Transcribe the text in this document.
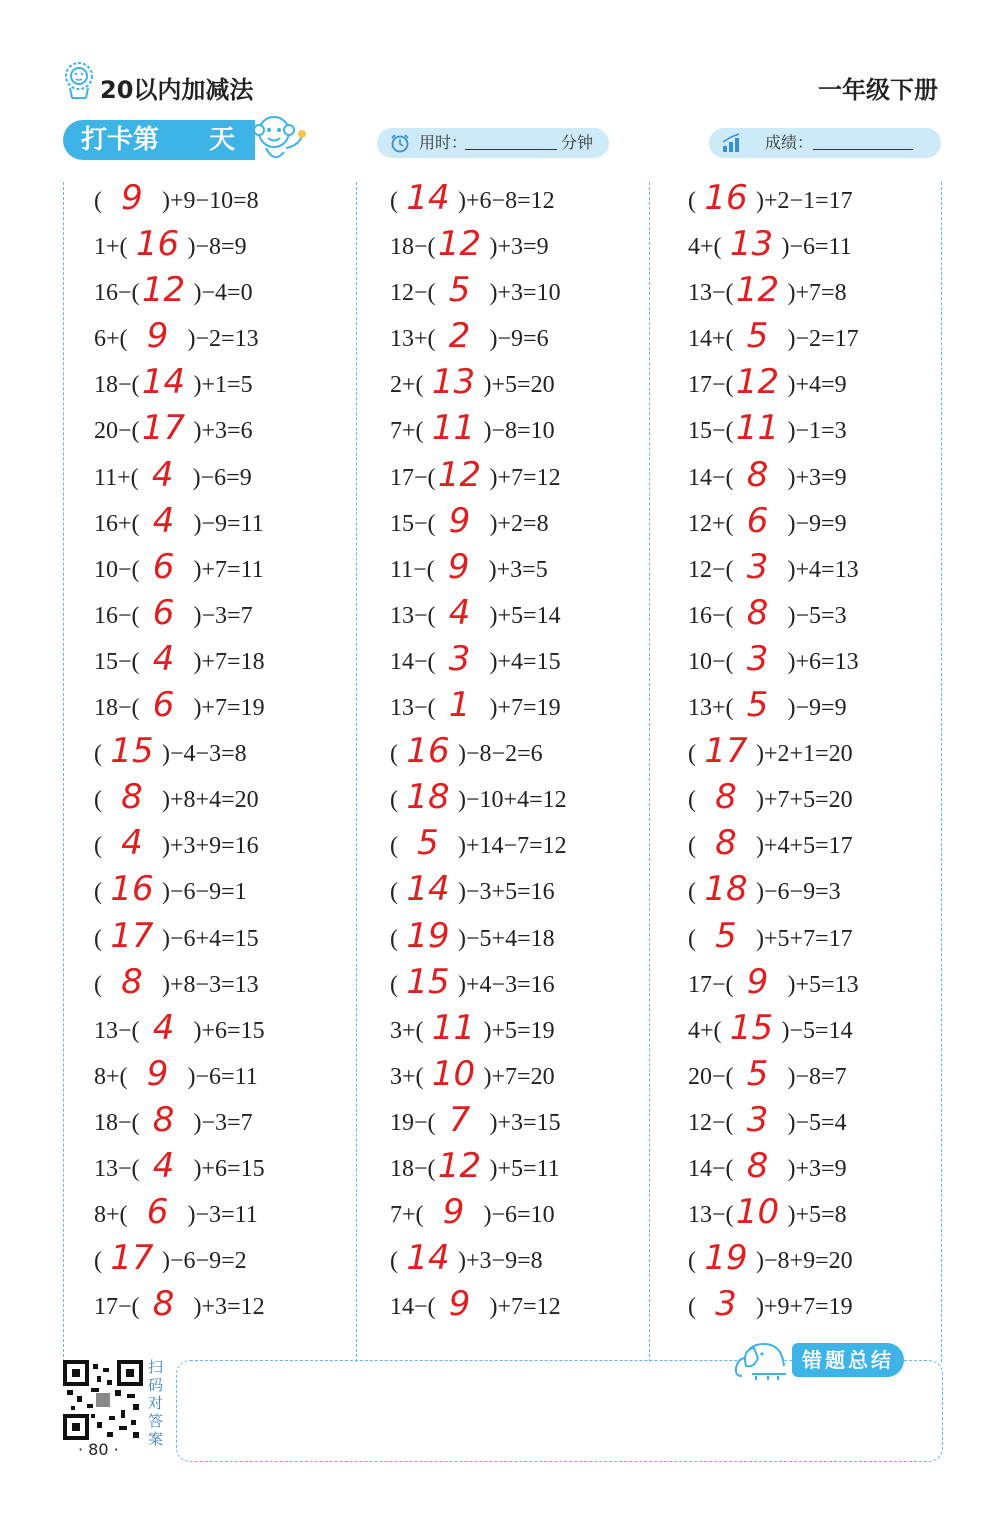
20以内加减法	一年级下册
打卡第 天	用时：	分钟	成绩：
( 9 )+9−10=8
1+( 16 )−8=9
16−(12 )−4=0
6+( 9 )−2=13
18−(14 )+1=5
20−(17 )+3=6
11+( 4 )−6=9
16+( 4 )−9=11
10−( 6 )+7=11
16−( 6 )−3=7
15−( 4 )+7=18
18−( 6 )+7=19
( 15 )−4−3=8
( 8 )+8+4=20
( 4 )+3+9=16
( 16 )−6−9=1
( 17 )−6+4=15
( 8 )+8−3=13
13−( 4 )+6=15
8+( 9 )−6=11
18−( 8 )−3=7
13−( 4 )+6=15
8+( 6 )−3=11
( 17 )−6−9=2
17−( 8 )+3=12
( 14 )+6−8=12
18−(12 )+3=9
12−( 5 )+3=10
13+( 2 )−9=6
2+( 13 )+5=20
7+( 11 )−8=10
17−(12 )+7=12
15−( 9 )+2=8
11−( 9 )+3=5
13−( 4 )+5=14
14−( 3 )+4=15
13−( 1 )+7=19
( 16 )−8−2=6
( 18 )−10+4=12
( 5 )+14−7=12
( 14 )−3+5=16
( 19 )−5+4=18
( 15 )+4−3=16
3+( 11 )+5=19
3+( 10 )+7=20
19−( 7 )+3=15
18−(12 )+5=11
7+( 9 )−6=10
( 14 )+3−9=8
14−( 9 )+7=12
( 16 )+2−1=17
4+( 13 )−6=11
13−(12 )+7=8
14+( 5 )−2=17
17−(12 )+4=9
15−(11 )−1=3
14−( 8 )+3=9
12+( 6 )−9=9
12−( 3 )+4=13
16−( 8 )−5=3
10−( 3 )+6=13
13+( 5 )−9=9
( 17 )+2+1=20
( 8 )+7+5=20
( 8 )+4+5=17
( 18 )−6−9=3
( 5 )+5+7=17
17−( 9 )+5=13
4+( 15 )−5=14
20−( 5 )−8=7
12−( 3 )−5=4
14−( 8 )+3=9
13−(10 )+5=8
( 19 )−8+9=20
( 3 )+9+7=19
扫码对答案
· 80 ·
错题总结
